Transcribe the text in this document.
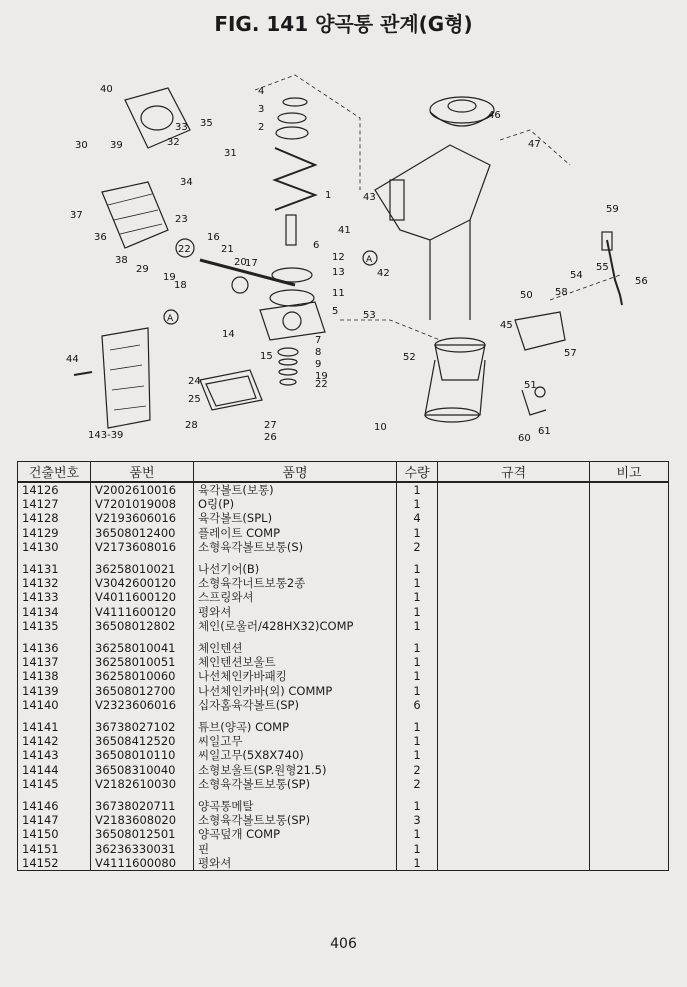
FIG. 141 양곡통 관계(G형)
4
3
2
1
40
39
33 35
32
34
31
30
37
36
38
29
23
22
19
18
16
21
20
17
6
12
13
11
5
14
15
7
8
9
19
22
24
25
28	27
26
44
143-39
46
47
43
41
42
53
52
10
45
50
51
58
54
55
59
56
57
60
61
A
A
건출번호	품번	품명	수량	규격	비고
14126	V2002610016	육각볼트(보통)	1		
14127	V7201019008	O링(P)	1		
14128	V2193606016	육각볼트(SPL)	4		
14129	36508012400	플레이트 COMP	1		
14130	V2173608016	소형육각볼트보통(S)	2		

14131	36258010021	나선기어(B)	1		
14132	V3042600120	소형육각너트보통2종	1		
14133	V4011600120	스프링와셔	1		
14134	V4111600120	평와셔	1		
14135	36508012802	체인(로울러/428HX32)COMP	1		

14136	36258010041	체인텐션	1		
14137	36258010051	체인텐션보울트	1		
14138	36258010060	나선체인카바패킹	1		
14139	36508012700	나선체인카바(외) COMMP	1		
14140	V2323606016	십자홈육각볼트(SP)	6		

14141	36738027102	튜브(양곡) COMP	1		
14142	36508412520	씨일고무	1		
14143	36508010110	씨일고무(5X8X740)	1		
14144	36508310040	소형보울트(SP.원형21.5)	2		
14145	V2182610030	소형육각볼트보통(SP)	2		

14146	36738020711	양곡통메탈	1		
14147	V2183608020	소형육각볼트보통(SP)	3		
14150	36508012501	양곡덮개 COMP	1		
14151	36236330031	핀	1		
14152	V4111600080	평와셔	1		
406
